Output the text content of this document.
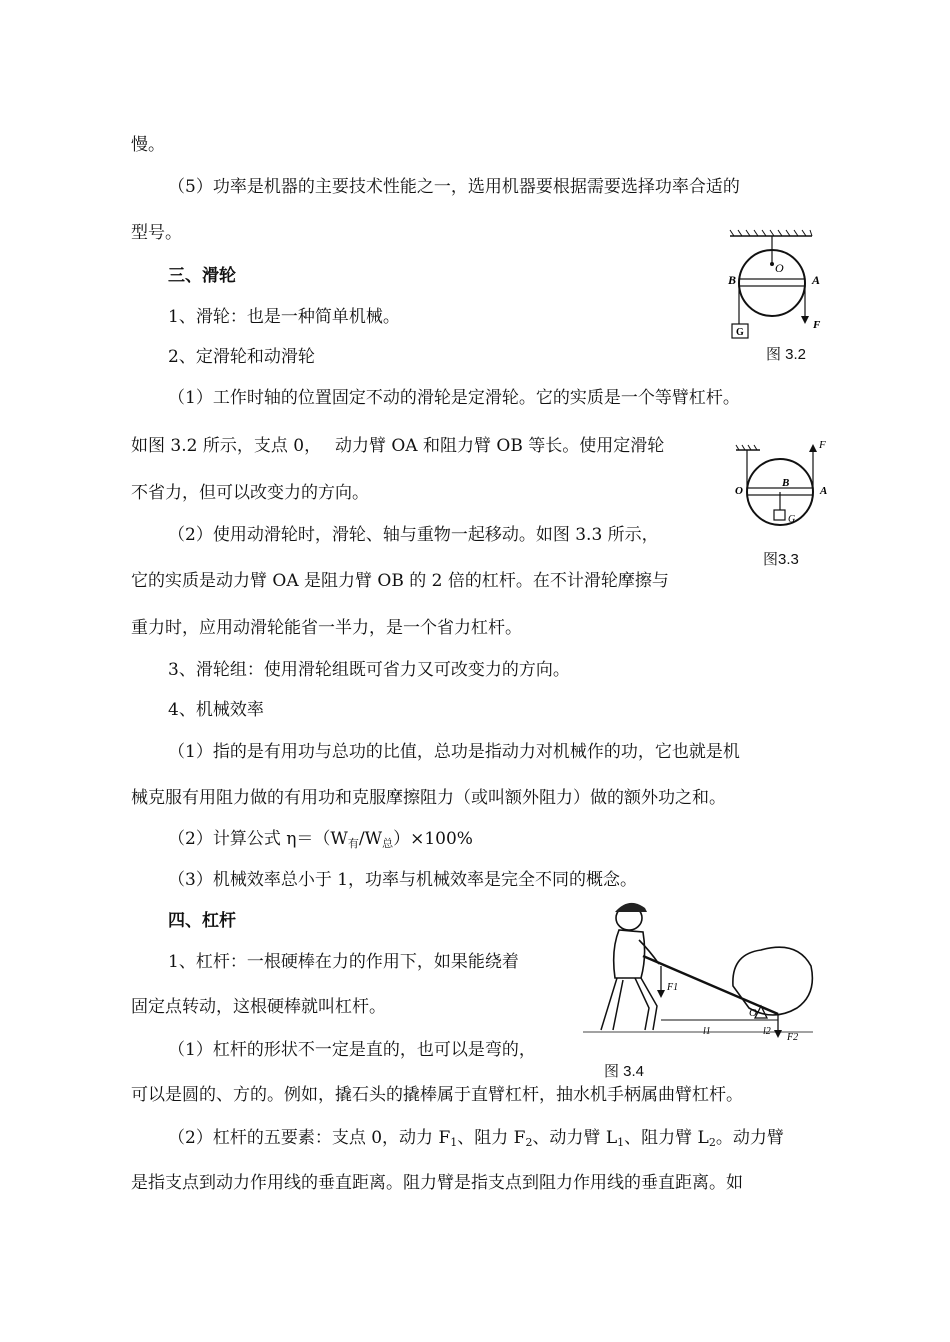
慢。
（5）功率是机器的主要技术性能之一，选用机器要根据需要选择功率合适的
型号。
三、滑轮
1、滑轮：也是一种简单机械。
2、定滑轮和动滑轮
（1）工作时轴的位置固定不动的滑轮是定滑轮。它的实质是一个等臂杠杆。
如图 3.2 所示，支点 0，　 动力臂 OA 和阻力臂 OB 等长。使用定滑轮
不省力，但可以改变力的方向。
（2）使用动滑轮时，滑轮、轴与重物一起移动。如图 3.3 所示，
它的实质是动力臂 OA 是阻力臂 OB 的 2 倍的杠杆。在不计滑轮摩擦与
重力时，应用动滑轮能省一半力，是一个省力杠杆。
3、滑轮组：使用滑轮组既可省力又可改变力的方向。
4、机械效率
（1）指的是有用功与总功的比值，总功是指动力对机械作的功，它也就是机
械克服有用阻力做的有用功和克服摩擦阻力（或叫额外阻力）做的额外功之和。
（2）计算公式 $\eta=(W_有/W_总)\times 100\%$
（3）机械效率总小于 1，功率与机械效率是完全不同的概念。
四、杠杆
1、杠杆：一根硬棒在力的作用下，如果能绕着
固定点转动，这根硬棒就叫杠杆。
（1）杠杆的形状不一定是直的，也可以是弯的，
可以是圆的、方的。例如，撬石头的撬棒属于直臂杠杆，抽水机手柄属曲臂杠杆。
（2）杠杆的五要素：支点 0，动力 $F_1$、阻力 $F_2$、动力臂 $L_1$、阻力臂 $L_2$。动力臂
是指支点到动力作用线的垂直距离。阻力臂是指支点到阻力作用线的垂直距离。如
O
B	A
F
G
图 3.2
F
O
B
A
G
图3.3
F1
O
l1	l2
F2
图 3.4
